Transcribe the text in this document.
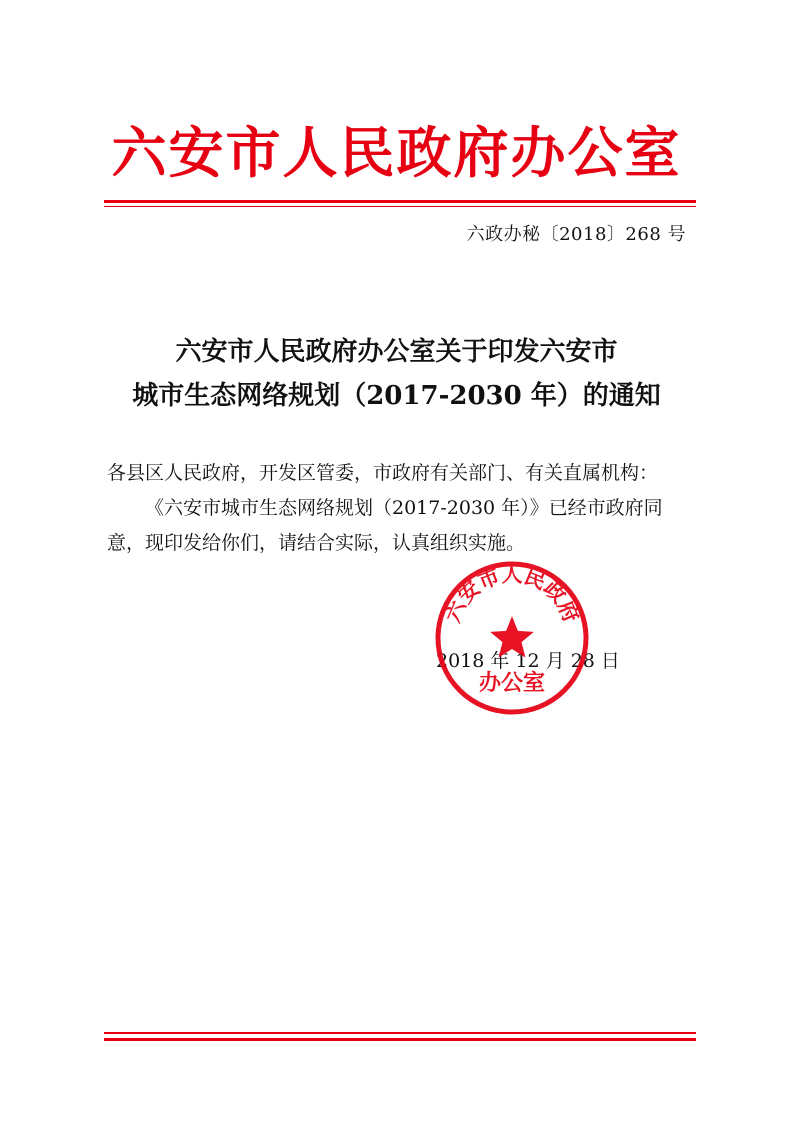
六安市人民政府办公室
六政办秘〔2018〕268 号
六安市人民政府办公室关于印发六安市
城市生态网络规划（2017-2030 年）的通知
各县区人民政府，开发区管委，市政府有关部门、有关直属机构：
《六安市城市生态网络规划（2017-2030 年）》已经市政府同
意，现印发给你们，请结合实际，认真组织实施。
2018 年 12 月 28 日
六安市人民政府
办公室
